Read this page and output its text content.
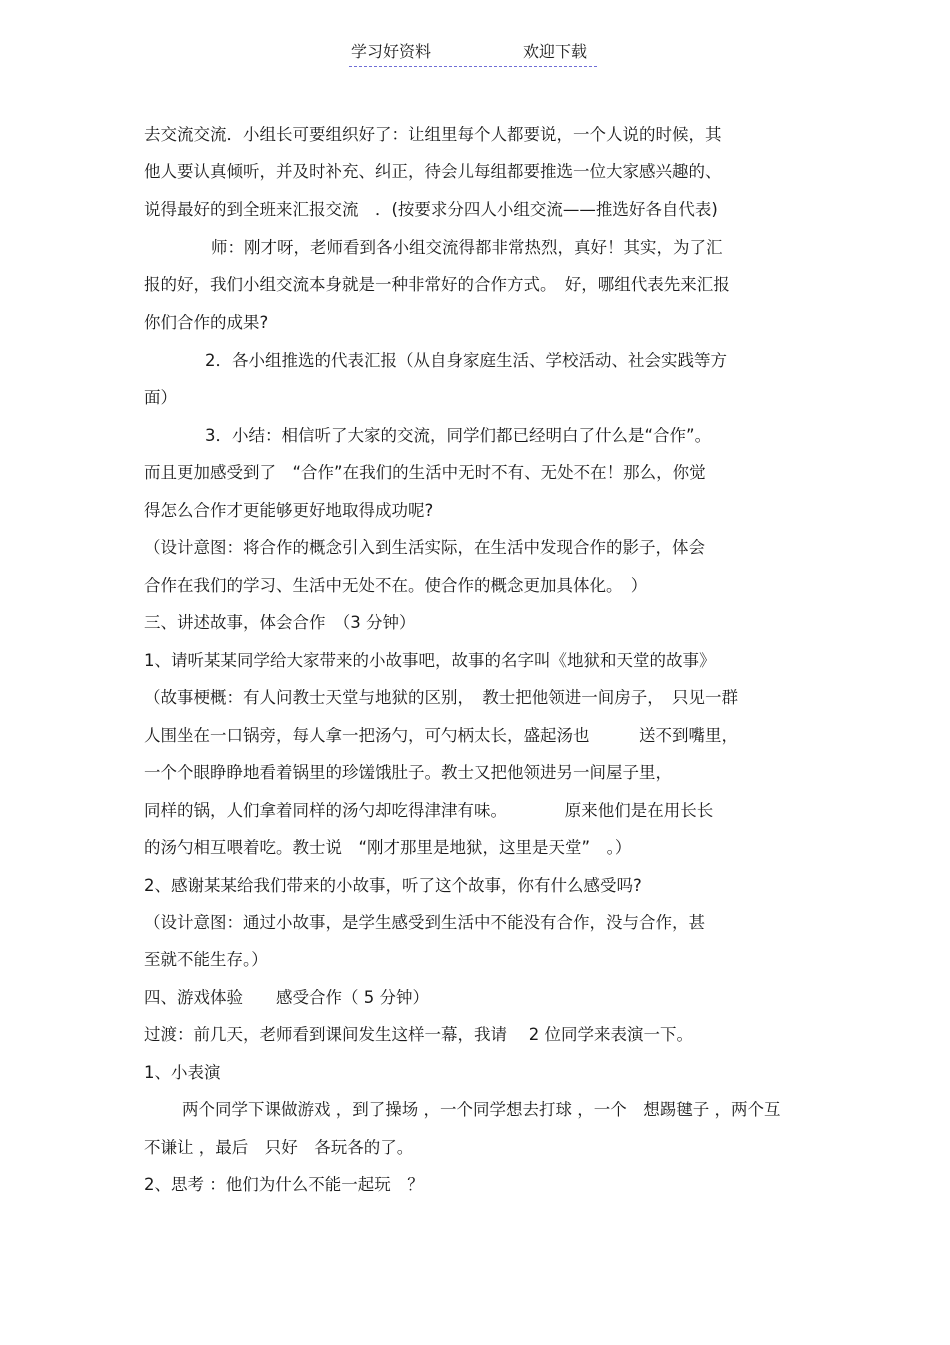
学习好资料	欢迎下载
去交流交流．小组长可要组织好了：让组里每个人都要说，一个人说的时候，其
他人要认真倾听，并及时补充、纠正，待会儿每组都要推选一位大家感兴趣的、
说得最好的到全班来汇报交流　．(按要求分四人小组交流——推选好各自代表)
师：刚才呀，老师看到各小组交流得都非常热烈，真好！其实，为了汇
报的好，我们小组交流本身就是一种非常好的合作方式。　好，哪组代表先来汇报
你们合作的成果?
2．各小组推选的代表汇报（从自身家庭生活、学校活动、社会实践等方
面）
3．小结：相信听了大家的交流，同学们都已经明白了什么是“合作”。
而且更加感受到了　“合作”在我们的生活中无时不有、无处不在！那么，你觉
得怎么合作才更能够更好地取得成功呢?
（设计意图：将合作的概念引入到生活实际，在生活中发现合作的影子，体会
合作在我们的学习、生活中无处不在。使合作的概念更加具体化。　）
三、讲述故事，体会合作　（3 分钟）
1、请听某某同学给大家带来的小故事吧，故事的名字叫《地狱和天堂的故事》
（故事梗概：有人问教士天堂与地狱的区别，　教士把他领进一间房子，　只见一群
人围坐在一口锅旁，每人拿一把汤勺，可勺柄太长，盛起汤也　　　送不到嘴里，
一个个眼睁睁地看着锅里的珍馐饿肚子。教士又把他领进另一间屋子里，
同样的锅，人们拿着同样的汤勺却吃得津津有味。　　　　原来他们是在用长长
的汤勺相互喂着吃。教士说　“刚才那里是地狱，这里是天堂”　。）
2、感谢某某给我们带来的小故事，听了这个故事，你有什么感受吗?
（设计意图：通过小故事，是学生感受到生活中不能没有合作，没与合作，甚
至就不能生存。）
四、游戏体验　　感受合作（ 5 分钟）
过渡：前几天，老师看到课间发生这样一幕，我请　 2 位同学来表演一下。
1、小表演
两个同学下课做游戏 ，到了操场 ，一个同学想去打球 ，一个　想踢毽子 ，两个互
不谦让 ，最后　只好　各玩各的了。
2、思考 ：他们为什么不能一起玩　？
